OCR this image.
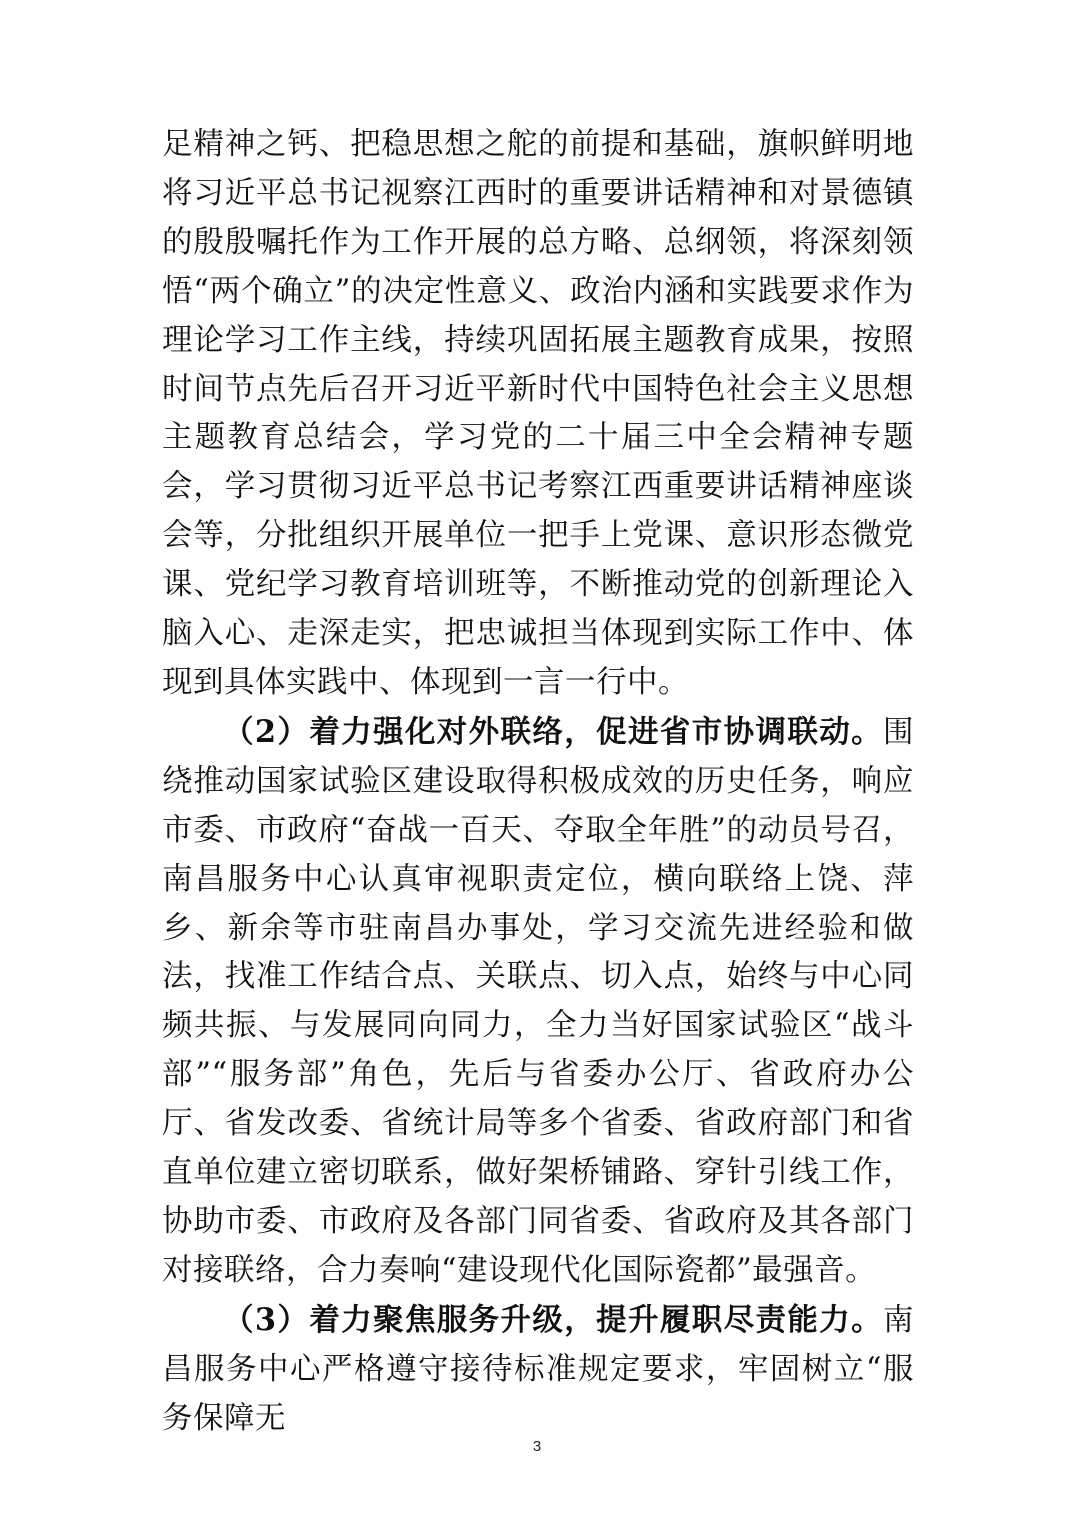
足精神之钙、把稳思想之舵的前提和基础，旗帜鲜明地将习近平总书记视察江西时的重要讲话精神和对景德镇的殷殷嘱托作为工作开展的总方略、总纲领，将深刻领悟“两个确立”的决定性意义、政治内涵和实践要求作为理论学习工作主线，持续巩固拓展主题教育成果，按照时间节点先后召开习近平新时代中国特色社会主义思想主题教育总结会，学习党的二十届三中全会精神专题会，学习贯彻习近平总书记考察江西重要讲话精神座谈会等，分批组织开展单位一把手上党课、意识形态微党课、党纪学习教育培训班等，不断推动党的创新理论入脑入心、走深走实，把忠诚担当体现到实际工作中、体现到具体实践中、体现到一言一行中。

（2）着力强化对外联络，促进省市协调联动。围绕推动国家试验区建设取得积极成效的历史任务，响应市委、市政府“奋战一百天、夺取全年胜”的动员号召，南昌服务中心认真审视职责定位，横向联络上饶、萍乡、新余等市驻南昌办事处，学习交流先进经验和做法，找准工作结合点、关联点、切入点，始终与中心同频共振、与发展同向同力，全力当好国家试验区“战斗部”“服务部”角色，先后与省委办公厅、省政府办公厅、省发改委、省统计局等多个省委、省政府部门和省直单位建立密切联系，做好架桥铺路、穿针引线工作，协助市委、市政府及各部门同省委、省政府及其各部门对接联络，合力奏响“建设现代化国际瓷都”最强音。

（3）着力聚焦服务升级，提升履职尽责能力。南昌服务中心严格遵守接待标准规定要求，牢固树立“服务保障无

3
